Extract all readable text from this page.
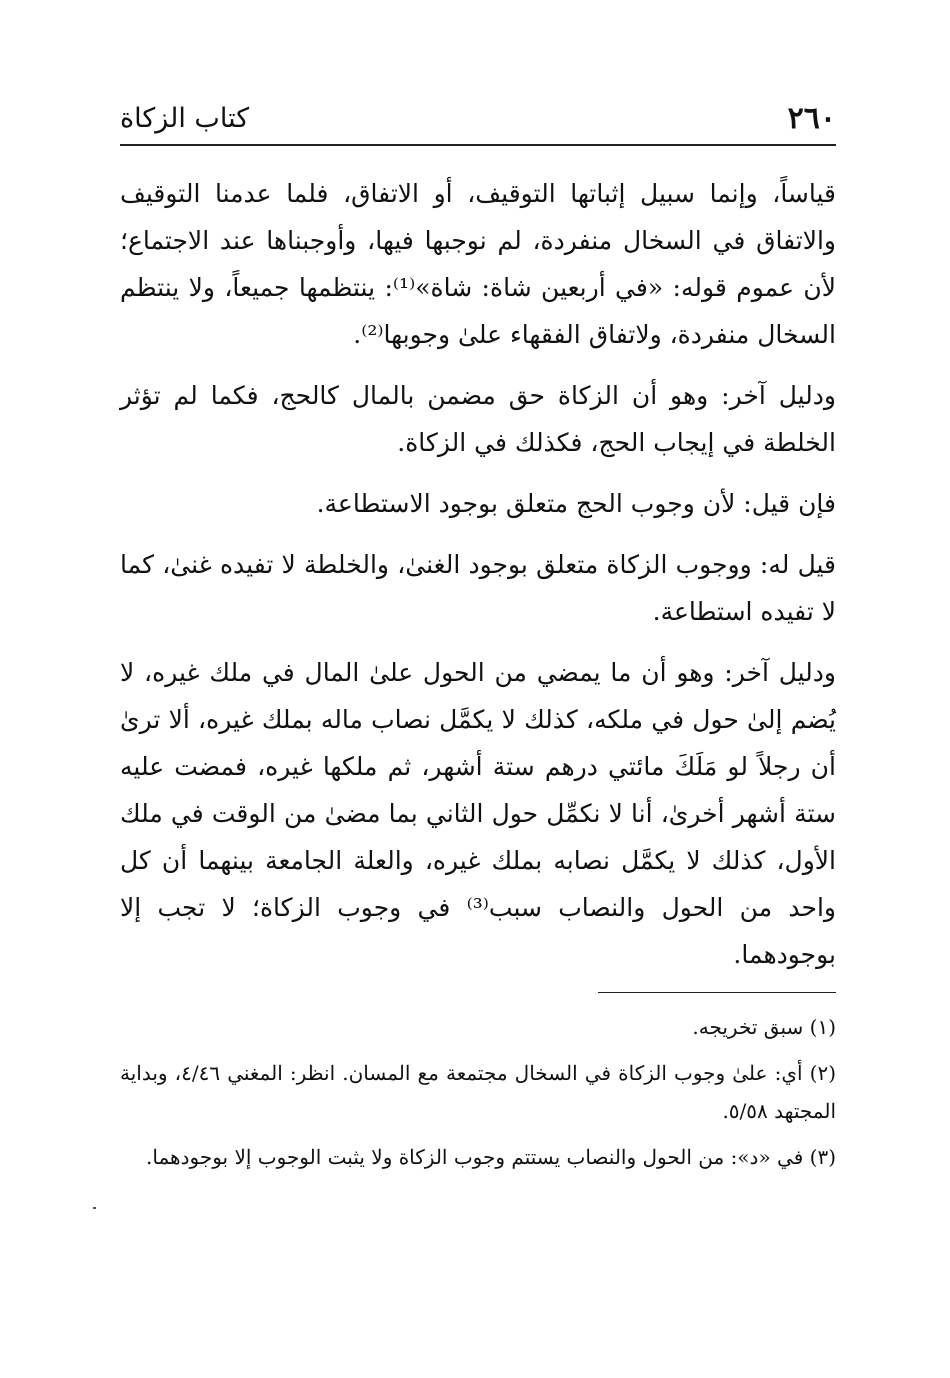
٢٦٠
كتاب الزكاة

قياساً، وإنما سبيل إثباتها التوقيف، أو الاتفاق، فلما عدمنا التوقيف والاتفاق في السخال منفردة، لم نوجبها فيها، وأوجبناها عند الاجتماع؛ لأن عموم قوله: «في أربعين شاة: شاة»⁽¹⁾: ينتظمها جميعاً، ولا ينتظم السخال منفردة، ولاتفاق الفقهاء علىٰ وجوبها⁽²⁾.

ودليل آخر: وهو أن الزكاة حق مضمن بالمال كالحج، فكما لم تؤثر الخلطة في إيجاب الحج، فكذلك في الزكاة.

فإن قيل: لأن وجوب الحج متعلق بوجود الاستطاعة.

قيل له: ووجوب الزكاة متعلق بوجود الغنىٰ، والخلطة لا تفيده غنىٰ، كما لا تفيده استطاعة.

ودليل آخر: وهو أن ما يمضي من الحول علىٰ المال في ملك غيره، لا يُضم إلىٰ حول في ملكه، كذلك لا يكمَّل نصاب ماله بملك غيره، ألا ترىٰ أن رجلاً لو مَلَكَ مائتي درهم ستة أشهر، ثم ملكها غيره، فمضت عليه ستة أشهر أخرىٰ، أنا لا نكمِّل حول الثاني بما مضىٰ من الوقت في ملك الأول، كذلك لا يكمَّل نصابه بملك غيره، والعلة الجامعة بينهما أن كل واحد من الحول والنصاب سبب⁽³⁾ في وجوب الزكاة؛ لا تجب إلا بوجودهما.

(١) سبق تخريجه.

(٢) أي: علىٰ وجوب الزكاة في السخال مجتمعة مع المسان. انظر: المغني ٤/٤٦، وبداية المجتهد ٥/٥٨.

(٣) في «د»: من الحول والنصاب يستتم وجوب الزكاة ولا يثبت الوجوب إلا بوجودهما.
